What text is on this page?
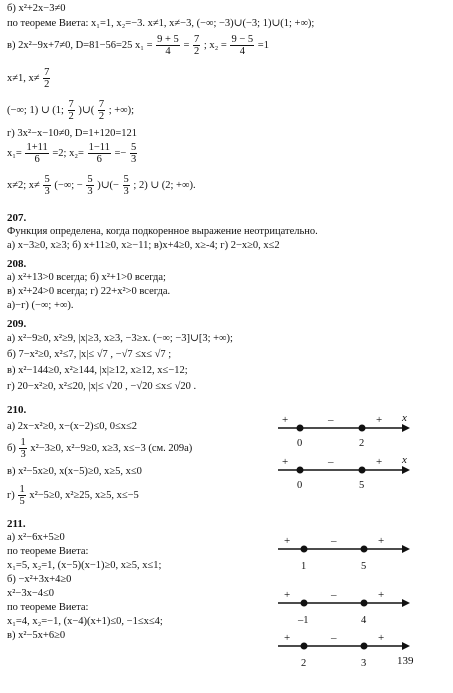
б) x²+2x−3≠0
по теореме Виета: x₁=1, x₂=−3. x≠1, x≠−3, (−∞; −3)∪(−3; 1)∪(1; +∞);
в) 2x²−9x+7≠0, D=81−56=25 $x_1 = \frac{9 + 5}{4} = \frac{7}{2}$ ; $x_2 = \frac{9 - 5}{4} =1$
x≠1, $x\ne \frac{7}{2}$
(−∞; 1) ∪ (1; $\frac{7}{2}$ )∪( $\frac{7}{2}$ ; +∞);
г) 3x²−x−10≠0, D=1+120=121
$x_1= \frac{1+11}{6} =2$; $x_2= \frac{1-11}{6} =- \frac{5}{3}$
x≠2; $x\ne \frac{5}{3}$ (−∞; − $\frac{5}{3}$ )∪(− $\frac{5}{3}$ ; 2) ∪ (2; +∞).
207.
Функция определена, когда подкоренное выражение неотрицательно.
а) x−3≥0, x≥3; б) x+11≥0, x≥−11; в)x+4≥0, x≥-4; г) 2−x≥0, x≤2
208.
а) x²+13>0 всегда; б) x²+1>0 всегда;
в) x²+24>0 всегда; г) 22+x²>0 всегда.
а)−г) (−∞; +∞).
209.
а) x²−9≥0, x²≥9, |x|≥3, x≥3, −3≥x. (−∞; −3]∪[3; +∞);
б) 7−x²≥0, x²≤7, |x|≤ √7 , −√7 ≤x≤ √7 ;
в) x²−144≥0, x²≥144, |x|≥12, x≥12, x≤−12;
г) 20−x²≥0, x²≤20, |x|≤ √20 , −√20 ≤x≤ √20 .
210.
а) 2x−x²≥0, x−(x−2)≤0, 0≤x≤2
$б) \frac{1}{3} x^2-3\ge 0$, x²−9≥0, x≥3, x≤−3 (см. 209а)
в) x²−5x≥0, x(x−5)≥0, x≥5, x≤0
$г) \frac{1}{5} x^2-5\ge 0$, x²≥25, x≥5, x≤−5
211.
а) x²−6x+5≥0
по теореме Виета:
x₁=5, x₂=1, (x−5)(x−1)≥0, x≥5, x≤1;
б) −x²+3x+4≥0
x²−3x−4≤0
по теореме Виета:
x₁=4, x₂=−1, (x−4)(x+1)≤0, −1≤x≤4;
в) x²−5x+6≥0
+	–	+ x
0	2
+	–	+ x
0	5
+	–	+
1	5
+	–	+
–1	4
+	–	+
2	3	139
